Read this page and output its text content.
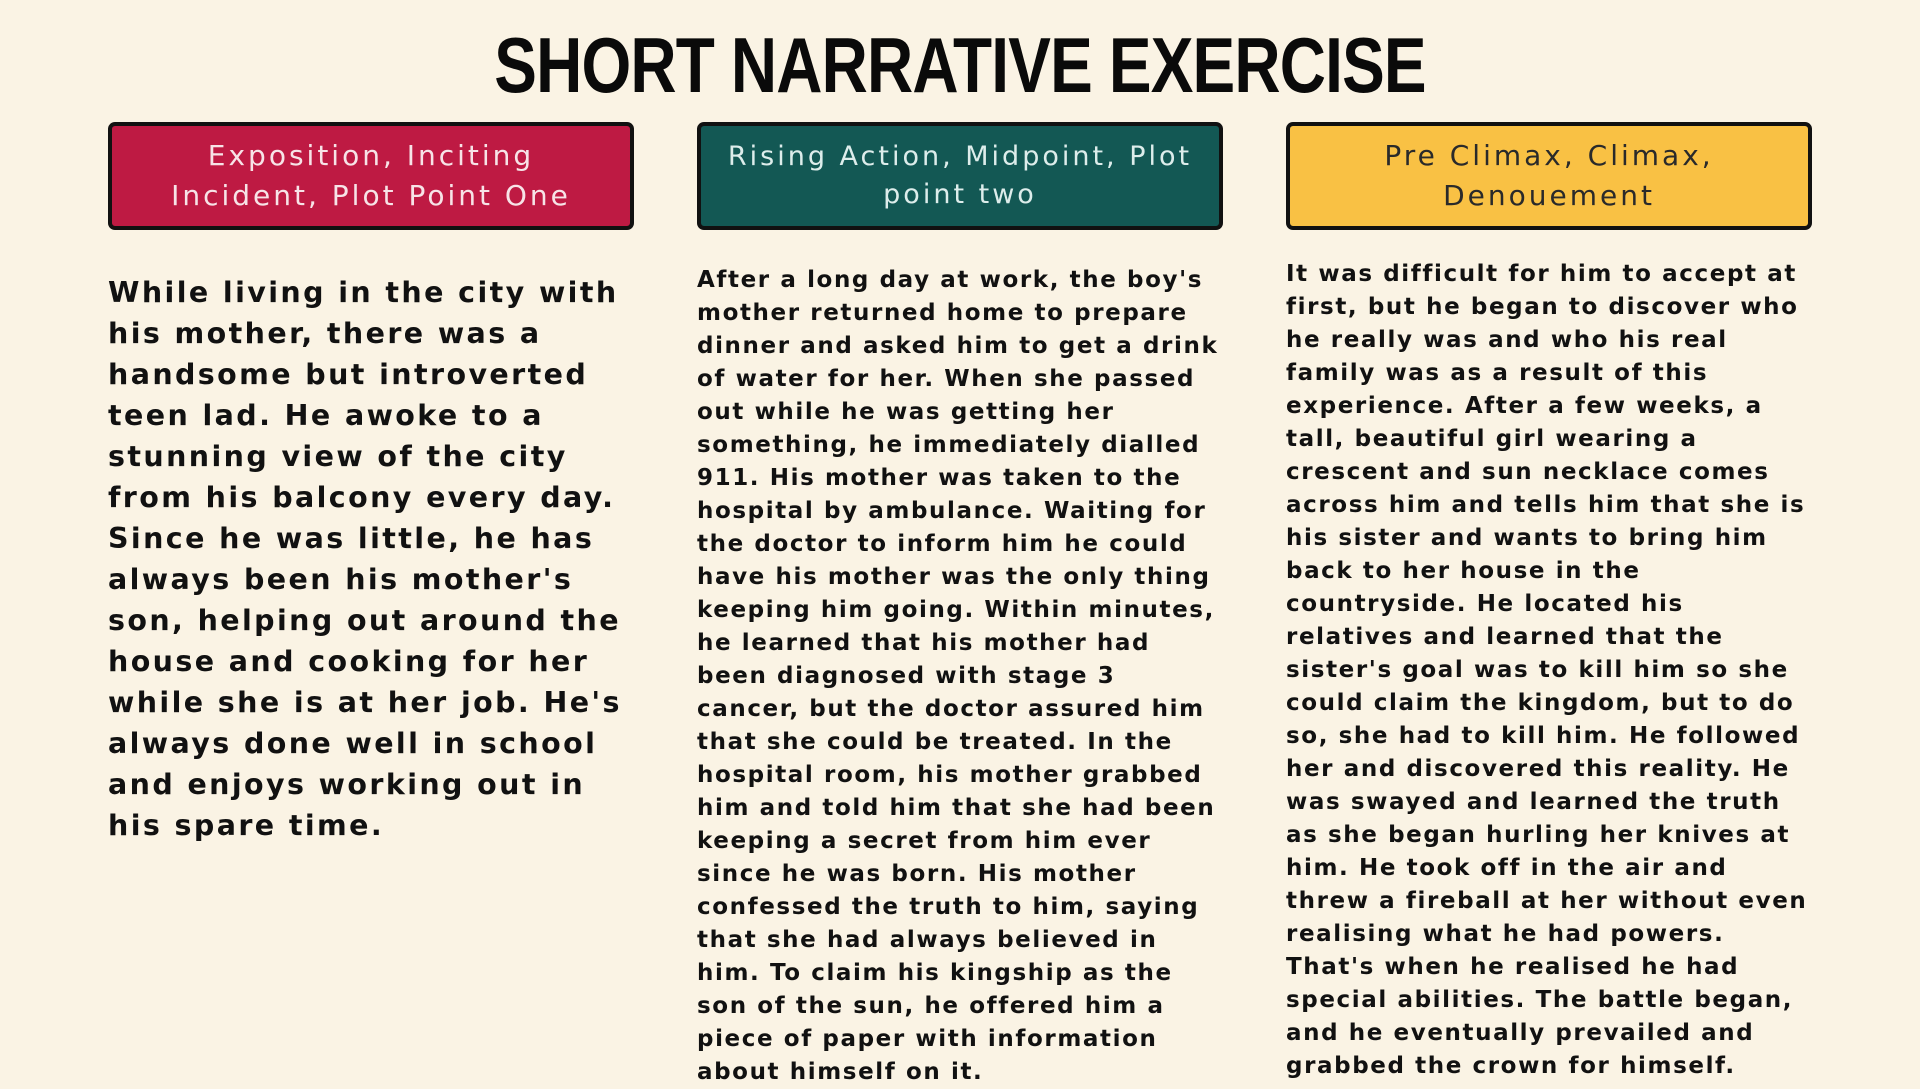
SHORT NARRATIVE EXERCISE
Exposition, Inciting Incident, Plot Point One

While living in the city with his mother, there was a handsome but introverted teen lad. He awoke to a stunning view of the city from his balcony every day. Since he was little, he has always been his mother's son, helping out around the house and cooking for her while she is at her job. He's always done well in school and enjoys working out in his spare time.

Rising Action, Midpoint, Plot point two

After a long day at work, the boy's mother returned home to prepare dinner and asked him to get a drink of water for her. When she passed out while he was getting her something, he immediately dialled 911. His mother was taken to the hospital by ambulance. Waiting for the doctor to inform him he could have his mother was the only thing keeping him going. Within minutes, he learned that his mother had been diagnosed with stage 3 cancer, but the doctor assured him that she could be treated. In the hospital room, his mother grabbed him and told him that she had been keeping a secret from him ever since he was born. His mother confessed the truth to him, saying that she had always believed in him. To claim his kingship as the son of the sun, he offered him a piece of paper with information about himself on it.

Pre Climax, Climax, Denouement

It was difficult for him to accept at first, but he began to discover who he really was and who his real family was as a result of this experience. After a few weeks, a tall, beautiful girl wearing a crescent and sun necklace comes across him and tells him that she is his sister and wants to bring him back to her house in the countryside. He located his relatives and learned that the sister's goal was to kill him so she could claim the kingdom, but to do so, she had to kill him. He followed her and discovered this reality. He was swayed and learned the truth as she began hurling her knives at him. He took off in the air and threw a fireball at her without even realising what he had powers. That's when he realised he had special abilities. The battle began, and he eventually prevailed and grabbed the crown for himself.
